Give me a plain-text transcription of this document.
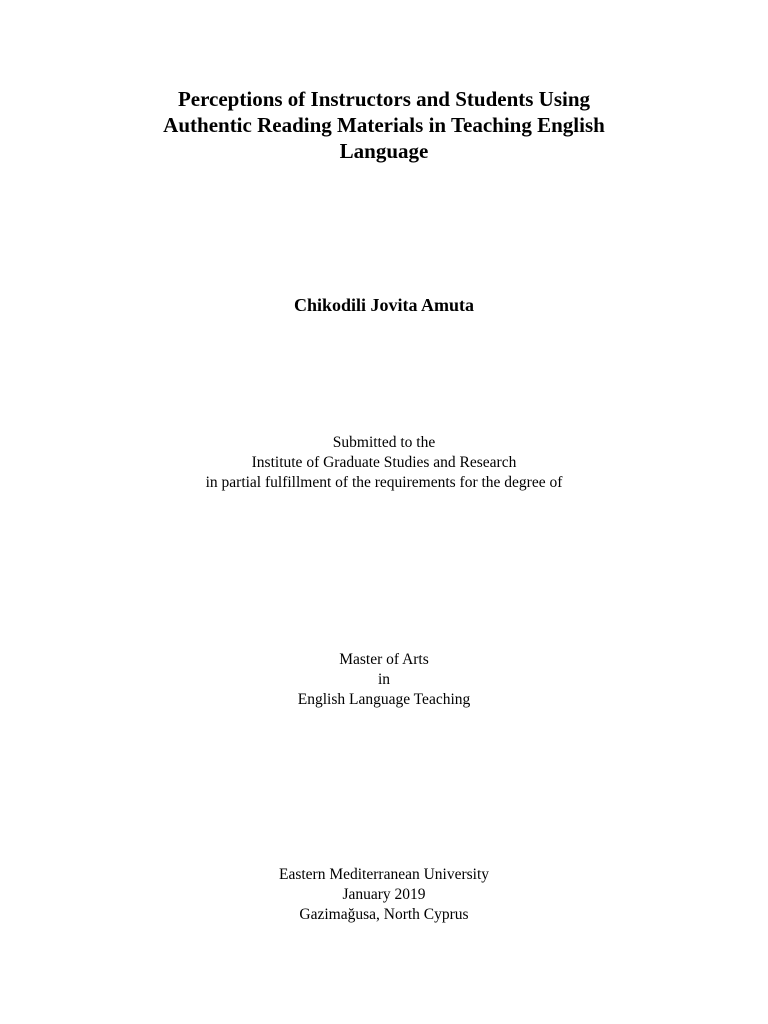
Perceptions of Instructors and Students Using
Authentic Reading Materials in Teaching English
Language

Chikodili Jovita Amuta

Submitted to the
Institute of Graduate Studies and Research
in partial fulfillment of the requirements for the degree of
Master of Arts
in
English Language Teaching
Eastern Mediterranean University
January 2019
Gazimağusa, North Cyprus
